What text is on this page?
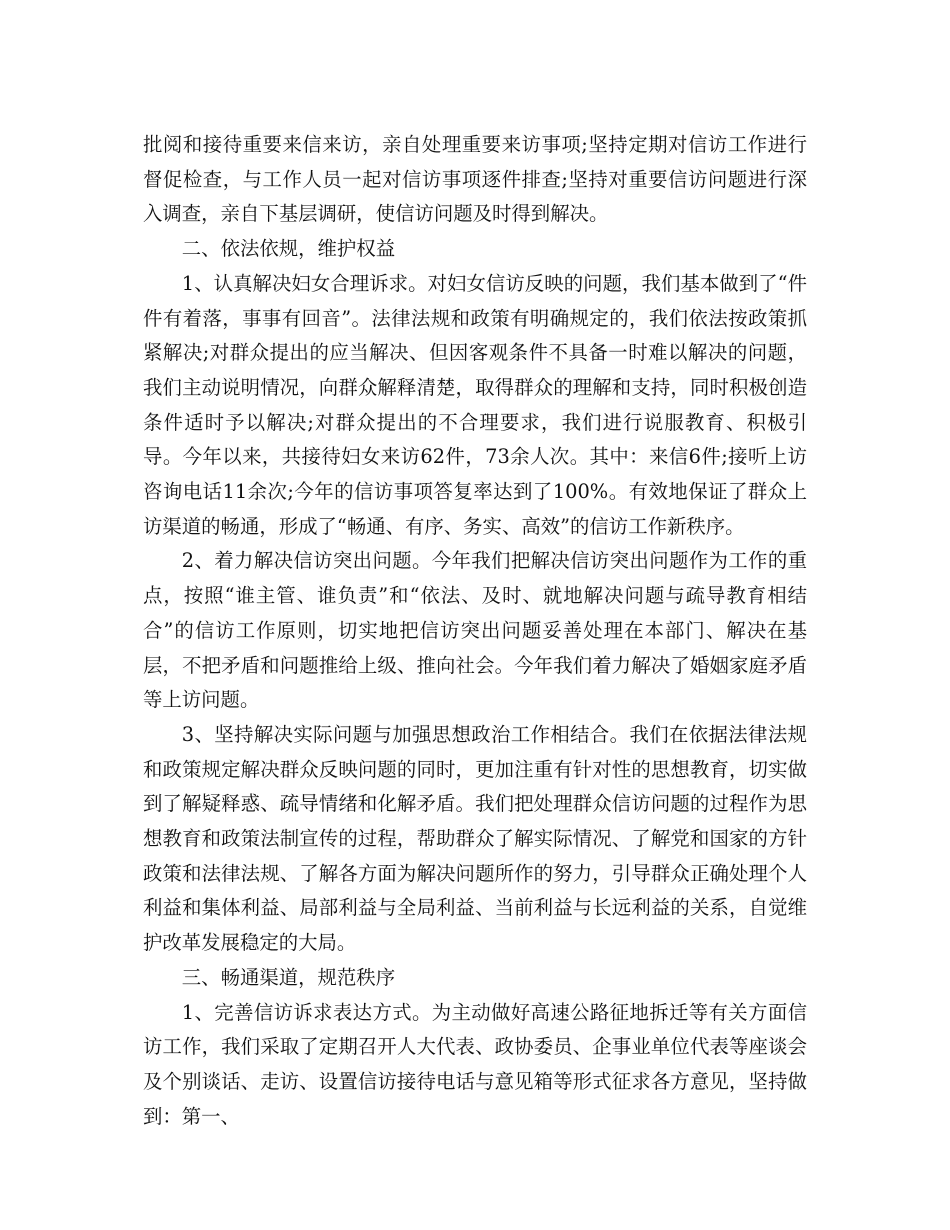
批阅和接待重要来信来访，亲自处理重要来访事项;坚持定期对信访工作进行督促检查，与工作人员一起对信访事项逐件排查;坚持对重要信访问题进行深入调查，亲自下基层调研，使信访问题及时得到解决。

二、依法依规，维护权益

1、认真解决妇女合理诉求。对妇女信访反映的问题，我们基本做到了“件件有着落，事事有回音”。法律法规和政策有明确规定的，我们依法按政策抓紧解决;对群众提出的应当解决、但因客观条件不具备一时难以解决的问题，我们主动说明情况，向群众解释清楚，取得群众的理解和支持，同时积极创造条件适时予以解决;对群众提出的不合理要求，我们进行说服教育、积极引导。今年以来，共接待妇女来访62件，73余人次。其中：来信6件;接听上访咨询电话11余次;今年的信访事项答复率达到了100%。有效地保证了群众上访渠道的畅通，形成了“畅通、有序、务实、高效”的信访工作新秩序。

2、着力解决信访突出问题。今年我们把解决信访突出问题作为工作的重点，按照“谁主管、谁负责”和“依法、及时、就地解决问题与疏导教育相结合”的信访工作原则，切实地把信访突出问题妥善处理在本部门、解决在基层，不把矛盾和问题推给上级、推向社会。今年我们着力解决了婚姻家庭矛盾等上访问题。

3、坚持解决实际问题与加强思想政治工作相结合。我们在依据法律法规和政策规定解决群众反映问题的同时，更加注重有针对性的思想教育，切实做到了解疑释惑、疏导情绪和化解矛盾。我们把处理群众信访问题的过程作为思想教育和政策法制宣传的过程，帮助群众了解实际情况、了解党和国家的方针政策和法律法规、了解各方面为解决问题所作的努力，引导群众正确处理个人利益和集体利益、局部利益与全局利益、当前利益与长远利益的关系，自觉维护改革发展稳定的大局。

三、畅通渠道，规范秩序

1、完善信访诉求表达方式。为主动做好高速公路征地拆迁等有关方面信访工作，我们采取了定期召开人大代表、政协委员、企事业单位代表等座谈会及个别谈话、走访、设置信访接待电话与意见箱等形式征求各方意见，坚持做到：第一、
